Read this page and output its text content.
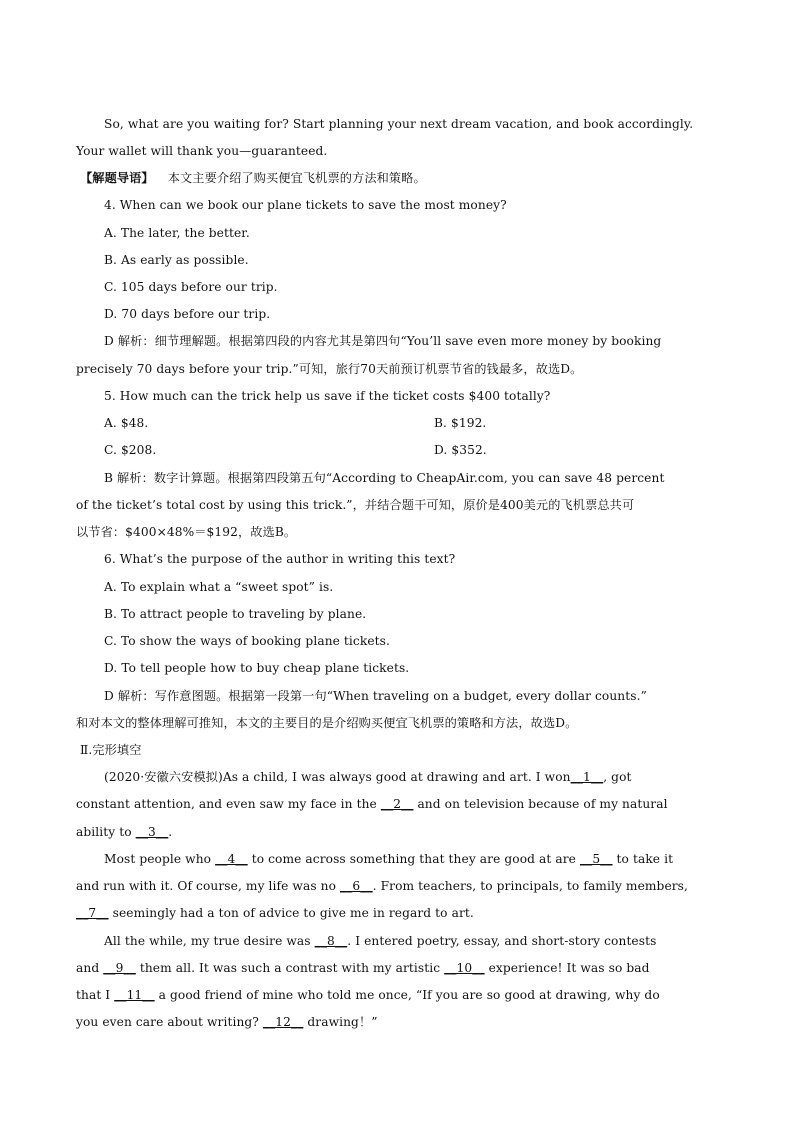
So, what are you waiting for? Start planning your next dream vacation, and book accordingly.
Your wallet will thank you—guaranteed.
【解题导语】 本文主要介绍了购买便宜飞机票的方法和策略。
4. When can we book our plane tickets to save the most money?
A. The later, the better.
B. As early as possible.
C. 105 days before our trip.
D. 70 days before our trip.
D 解析：细节理解题。根据第四段的内容尤其是第四句“You’ll save even more money by booking
precisely 70 days before your trip.”可知，旅行70天前预订机票节省的钱最多，故选D。
5. How much can the trick help us save if the ticket costs $400 totally?
A. $48.	B. $192.
C. $208.	D. $352.
B 解析：数字计算题。根据第四段第五句“According to CheapAir.com, you can save 48 percent
of the ticket’s total cost by using this trick.”，并结合题干可知，原价是400美元的飞机票总共可
以节省：$400×48%＝$192，故选B。
6. What’s the purpose of the author in writing this text?
A. To explain what a “sweet spot” is.
B. To attract people to traveling by plane.
C. To show the ways of booking plane tickets.
D. To tell people how to buy cheap plane tickets.
D 解析：写作意图题。根据第一段第一句“When traveling on a budget, every dollar counts.”
和对本文的整体理解可推知，本文的主要目的是介绍购买便宜飞机票的策略和方法，故选D。
Ⅱ.完形填空
(2020·安徽六安模拟)As a child, I was always good at drawing and art. I won__1__, got
constant attention, and even saw my face in the __2__ and on television because of my natural
ability to __3__.
Most people who __4__ to come across something that they are good at are __5__ to take it
and run with it. Of course, my life was no __6__. From teachers, to principals, to family members,
__7__ seemingly had a ton of advice to give me in regard to art.
All the while, my true desire was __8__. I entered poetry, essay, and short-story contests
and __9__ them all. It was such a contrast with my artistic __10__ experience! It was so bad
that I __11__ a good friend of mine who told me once, “If you are so good at drawing, why do
you even care about writing? __12__ drawing！”
